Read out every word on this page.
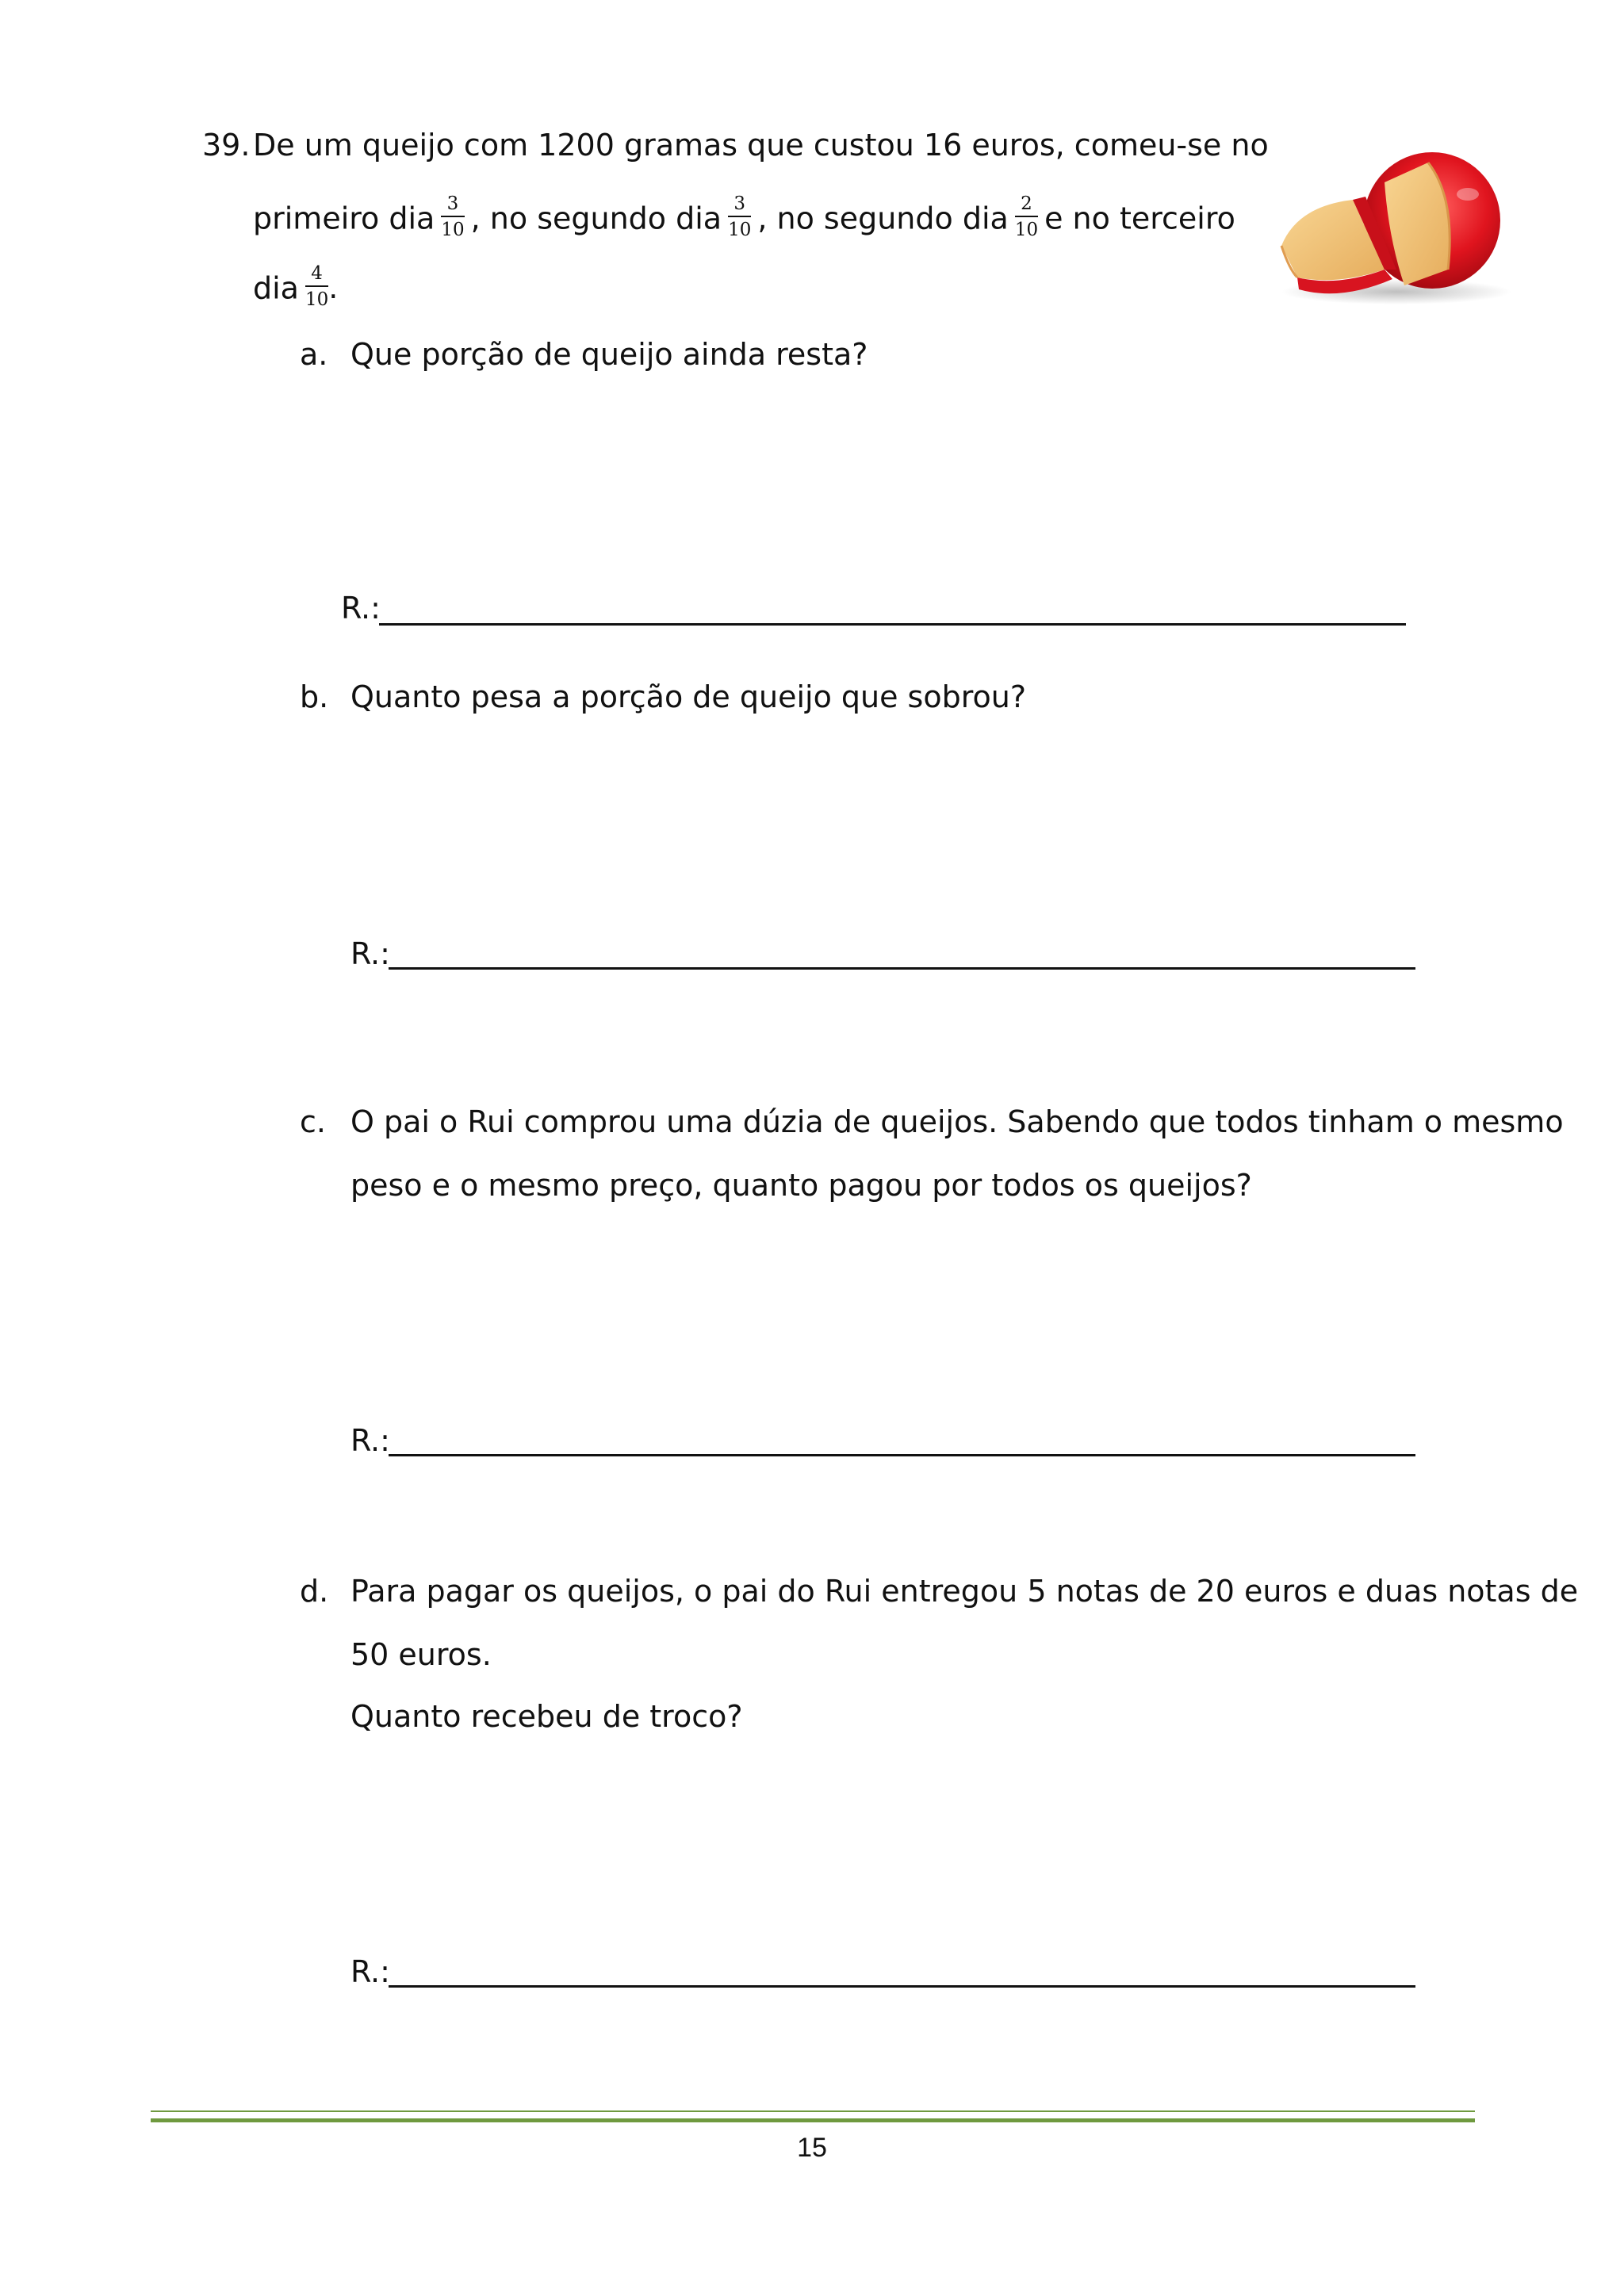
39. De um queijo com 1200 gramas que custou 16 euros, comeu-se no
primeiro dia $\frac{3}{10}$ , no segundo dia $\frac{3}{10}$ , no segundo dia $\frac{2}{10}$ e no terceiro
dia $\frac{4}{10}$ .
a. Que porção de queijo ainda resta?
R.:
b. Quanto pesa a porção de queijo que sobrou?
R.:
c. O pai o Rui comprou uma dúzia de queijos. Sabendo que todos tinham o mesmo
peso e o mesmo preço, quanto pagou por todos os queijos?
R.:
d. Para pagar os queijos, o pai do Rui entregou 5 notas de 20 euros e duas notas de
50 euros.
Quanto recebeu de troco?
R.:
15
